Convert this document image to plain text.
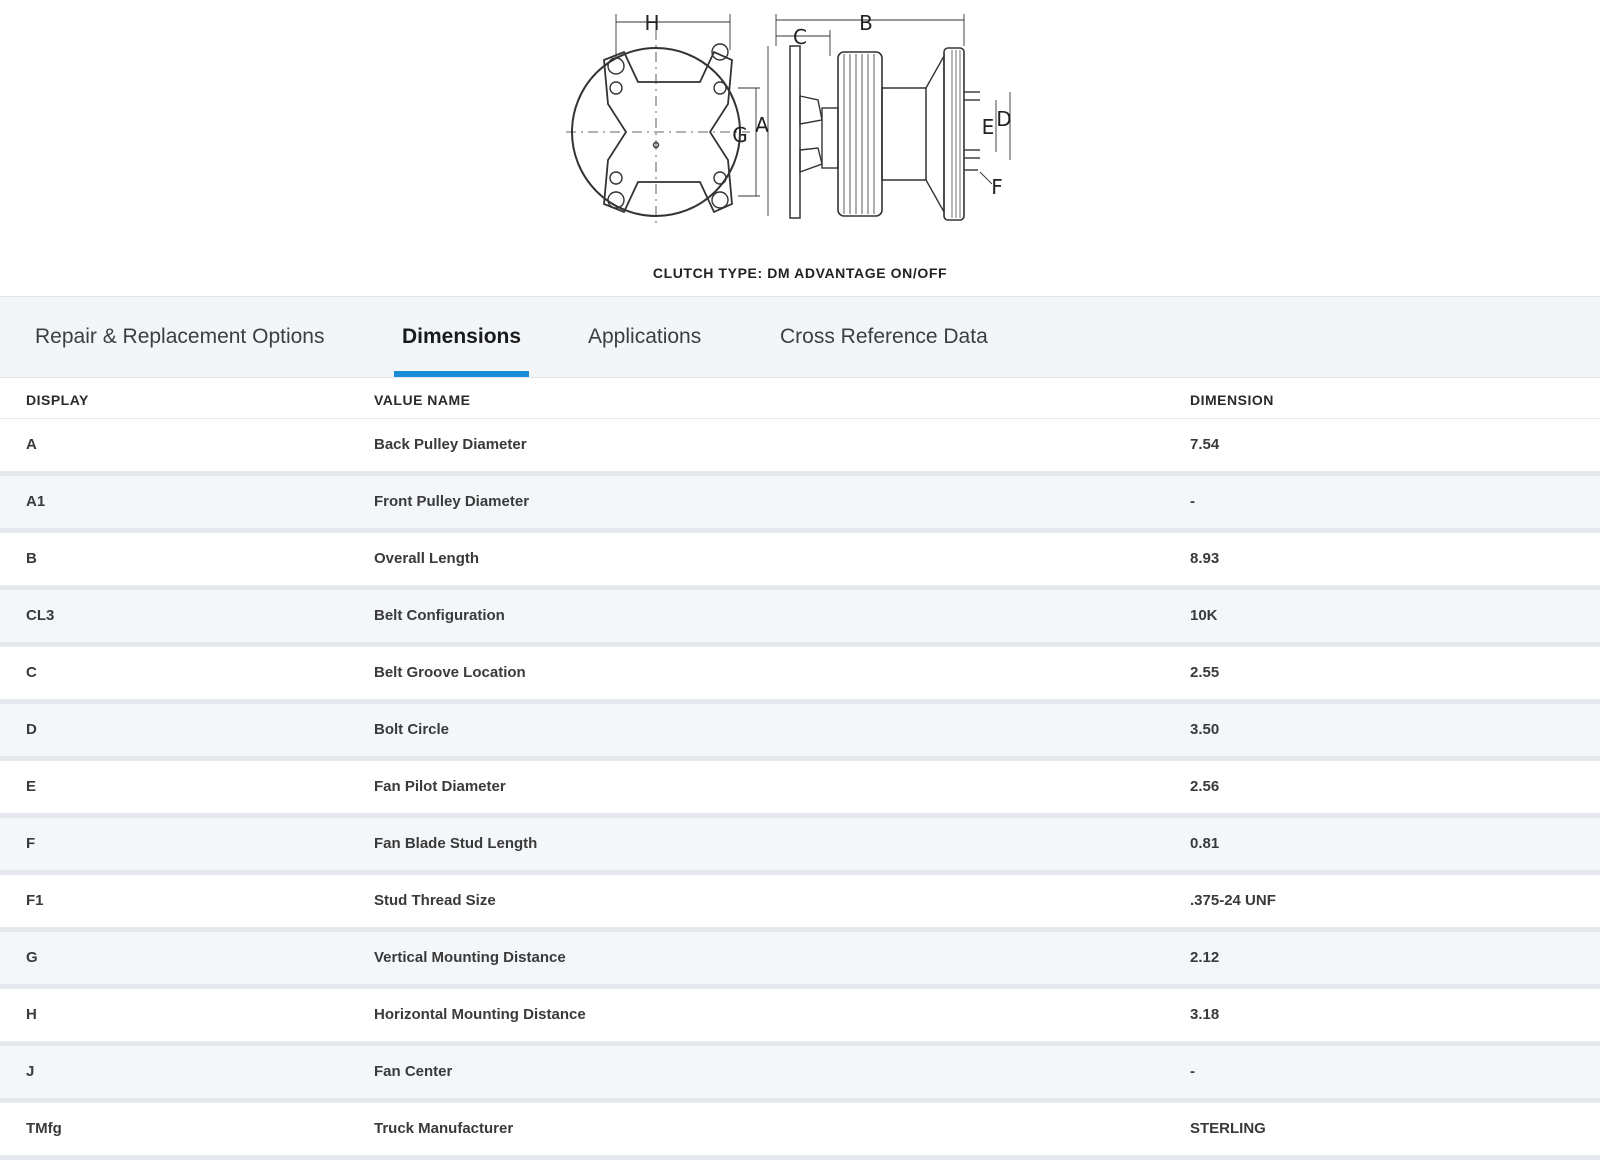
H	B
C
A
G	E D
F
CLUTCH TYPE: DM ADVANTAGE ON/OFF
Repair & Replacement Options	Dimensions	Applications	Cross Reference Data
DISPLAY	VALUE NAME	DIMENSION
A	Back Pulley Diameter	7.54
A1	Front Pulley Diameter	-
B	Overall Length	8.93
CL3	Belt Configuration	10K
C	Belt Groove Location	2.55
D	Bolt Circle	3.50
E	Fan Pilot Diameter	2.56
F	Fan Blade Stud Length	0.81
F1	Stud Thread Size	.375-24 UNF
G	Vertical Mounting Distance	2.12
H	Horizontal Mounting Distance	3.18
J	Fan Center	-
TMfg	Truck Manufacturer	STERLING
